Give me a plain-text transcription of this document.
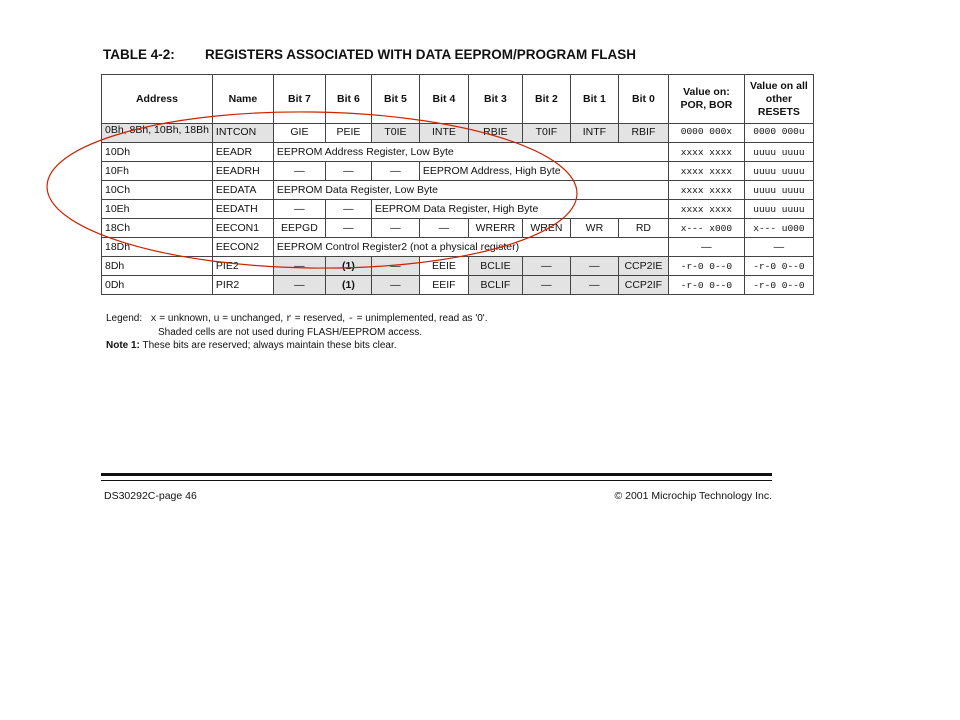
TABLE 4-2: REGISTERS ASSOCIATED WITH DATA EEPROM/PROGRAM FLASH
Address	Name	Bit 7	Bit 6	Bit 5	Bit 4	Bit 3	Bit 2	Bit 1	Bit 0	Value on: POR, BOR	Value on all other RESETS
0Bh, 8Bh, 10Bh, 18Bh	INTCON	GIE	PEIE	T0IE	INTE	RBIE	T0IF	INTF	RBIF	0000 000x	0000 000u
10Dh	EEADR	EEPROM Address Register, Low Byte								xxxx xxxx	uuuu uuuu
10Fh	EEADRH	—	—	—	EEPROM Address, High Byte					xxxx xxxx	uuuu uuuu
10Ch	EEDATA	EEPROM Data Register, Low Byte								xxxx xxxx	uuuu uuuu
10Eh	EEDATH	—	—	EEPROM Data Register, High Byte						xxxx xxxx	uuuu uuuu
18Ch	EECON1	EEPGD	—	—	—	WRERR	WREN	WR	RD	x--- x000	x--- u000
18Dh	EECON2	EEPROM Control Register2 (not a physical register)								—	—
8Dh	PIE2	—	(1)	—	EEIE	BCLIE	—	—	CCP2IE	-r-0 0--0	-r-0 0--0
0Dh	PIR2	—	(1)	—	EEIF	BCLIF	—	—	CCP2IF	-r-0 0--0	-r-0 0--0
Legend: x = unknown, u = unchanged, r = reserved, - = unimplemented, read as '0'.
Shaded cells are not used during FLASH/EEPROM access.
Note 1: These bits are reserved; always maintain these bits clear.
DS30292C-page 46	© 2001 Microchip Technology Inc.
